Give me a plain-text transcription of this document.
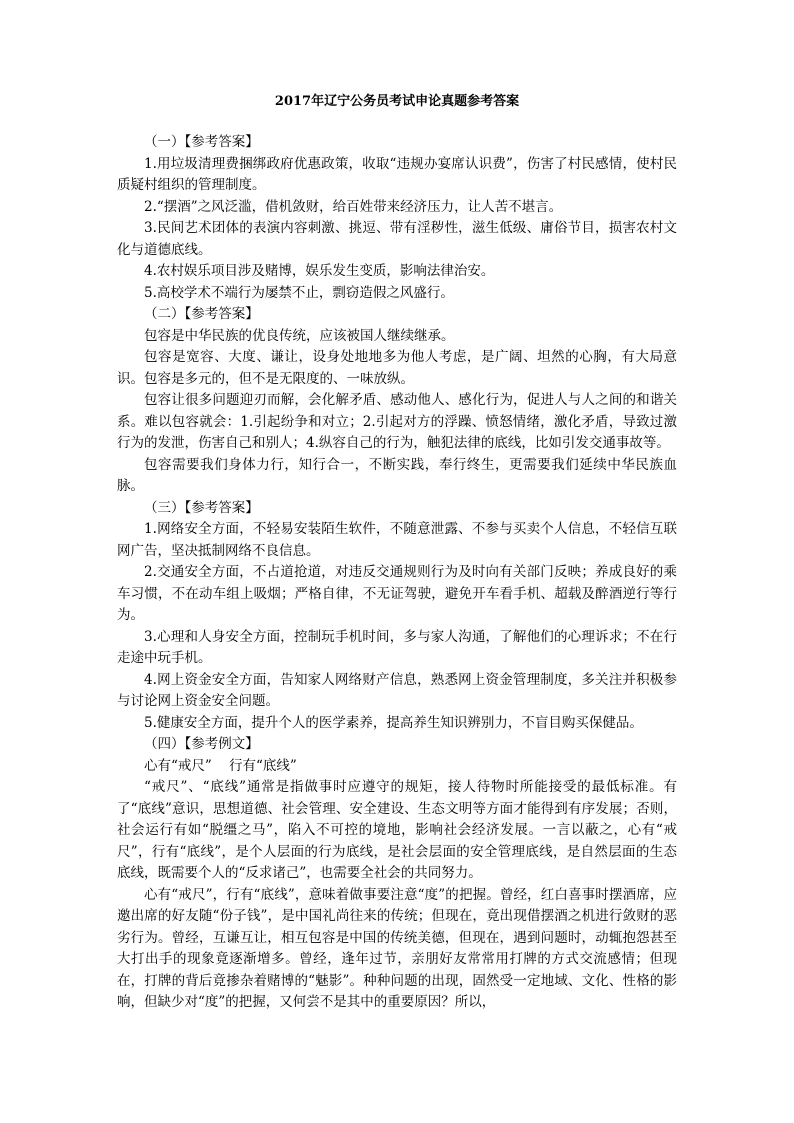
2017年辽宁公务员考试申论真题参考答案

（一）【参考答案】

1.用垃圾清理费捆绑政府优惠政策，收取“违规办宴席认识费”，伤害了村民感情，使村民质疑村组织的管理制度。

2.“摆酒”之风泛滥，借机敛财，给百姓带来经济压力，让人苦不堪言。

3.民间艺术团体的表演内容刺激、挑逗、带有淫秽性，滋生低级、庸俗节目，损害农村文化与道德底线。

4.农村娱乐项目涉及赌博，娱乐发生变质，影响法律治安。

5.高校学术不端行为屡禁不止，剽窃造假之风盛行。

（二）【参考答案】

包容是中华民族的优良传统，应该被国人继续继承。

包容是宽容、大度、谦让，设身处地地多为他人考虑，是广阔、坦然的心胸，有大局意识。包容是多元的，但不是无限度的、一味放纵。

包容让很多问题迎刃而解，会化解矛盾、感动他人、感化行为，促进人与人之间的和谐关系。难以包容就会：1.引起纷争和对立；2.引起对方的浮躁、愤怒情绪，激化矛盾，导致过激行为的发泄，伤害自己和别人；4.纵容自己的行为，触犯法律的底线，比如引发交通事故等。

包容需要我们身体力行，知行合一，不断实践，奉行终生，更需要我们延续中华民族血脉。

（三）【参考答案】

1.网络安全方面，不轻易安装陌生软件，不随意泄露、不参与买卖个人信息，不轻信互联网广告，坚决抵制网络不良信息。

2.交通安全方面，不占道抢道，对违反交通规则行为及时向有关部门反映；养成良好的乘车习惯，不在动车组上吸烟；严格自律，不无证驾驶，避免开车看手机、超载及醉酒逆行等行为。

3.心理和人身安全方面，控制玩手机时间，多与家人沟通，了解他们的心理诉求；不在行走途中玩手机。

4.网上资金安全方面，告知家人网络财产信息，熟悉网上资金管理制度，多关注并积极参与讨论网上资金安全问题。

5.健康安全方面，提升个人的医学素养，提高养生知识辨别力，不盲目购买保健品。

（四）【参考例文】

心有“戒尺”    行有“底线”

“戒尺”、“底线”通常是指做事时应遵守的规矩，接人待物时所能接受的最低标准。有了“底线”意识，思想道德、社会管理、安全建设、生态文明等方面才能得到有序发展；否则，社会运行有如“脱缰之马”，陷入不可控的境地，影响社会经济发展。一言以蔽之，心有“戒尺”，行有“底线”，是个人层面的行为底线，是社会层面的安全管理底线，是自然层面的生态底线，既需要个人的“反求诸己”，也需要全社会的共同努力。

心有“戒尺”，行有“底线”，意味着做事要注意“度”的把握。曾经，红白喜事时摆酒席，应邀出席的好友随“份子钱”，是中国礼尚往来的传统；但现在，竟出现借摆酒之机进行敛财的恶劣行为。曾经，互谦互让，相互包容是中国的传统美德，但现在，遇到问题时，动辄抱怨甚至大打出手的现象竟逐渐增多。曾经，逢年过节，亲朋好友常常用打牌的方式交流感情；但现在，打牌的背后竟掺杂着赌博的“魅影”。种种问题的出现，固然受一定地域、文化、性格的影响，但缺少对“度”的把握，又何尝不是其中的重要原因？所以，
